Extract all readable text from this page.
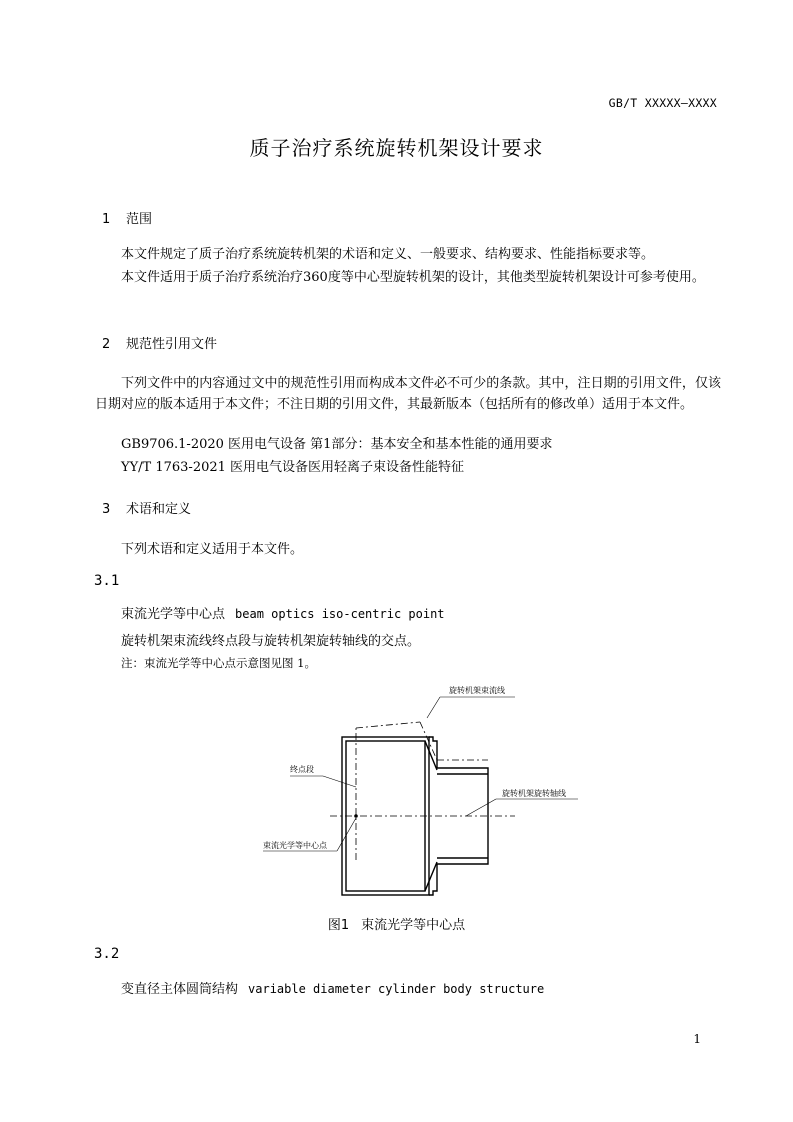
GB/T XXXXX—XXXX
质子治疗系统旋转机架设计要求
1 范围
本文件规定了质子治疗系统旋转机架的术语和定义、一般要求、结构要求、性能指标要求等。
本文件适用于质子治疗系统治疗360度等中心型旋转机架的设计，其他类型旋转机架设计可参考使用。
2 规范性引用文件
下列文件中的内容通过文中的规范性引用而构成本文件必不可少的条款。其中，注日期的引用文件，仅该日期对应的版本适用于本文件；不注日期的引用文件，其最新版本（包括所有的修改单）适用于本文件。
GB9706.1-2020 医用电气设备 第1部分：基本安全和基本性能的通用要求
YY/T 1763-2021 医用电气设备医用轻离子束设备性能特征
3 术语和定义
下列术语和定义适用于本文件。
3.1
束流光学等中心点 beam optics iso-centric point
旋转机架束流线终点段与旋转机架旋转轴线的交点。
注：束流光学等中心点示意图见图 1。
旋转机架束流线
终点段
旋转机架旋转轴线
束流光学等中心点
图1 束流光学等中心点
3.2
变直径主体圆筒结构 variable diameter cylinder body structure
1
